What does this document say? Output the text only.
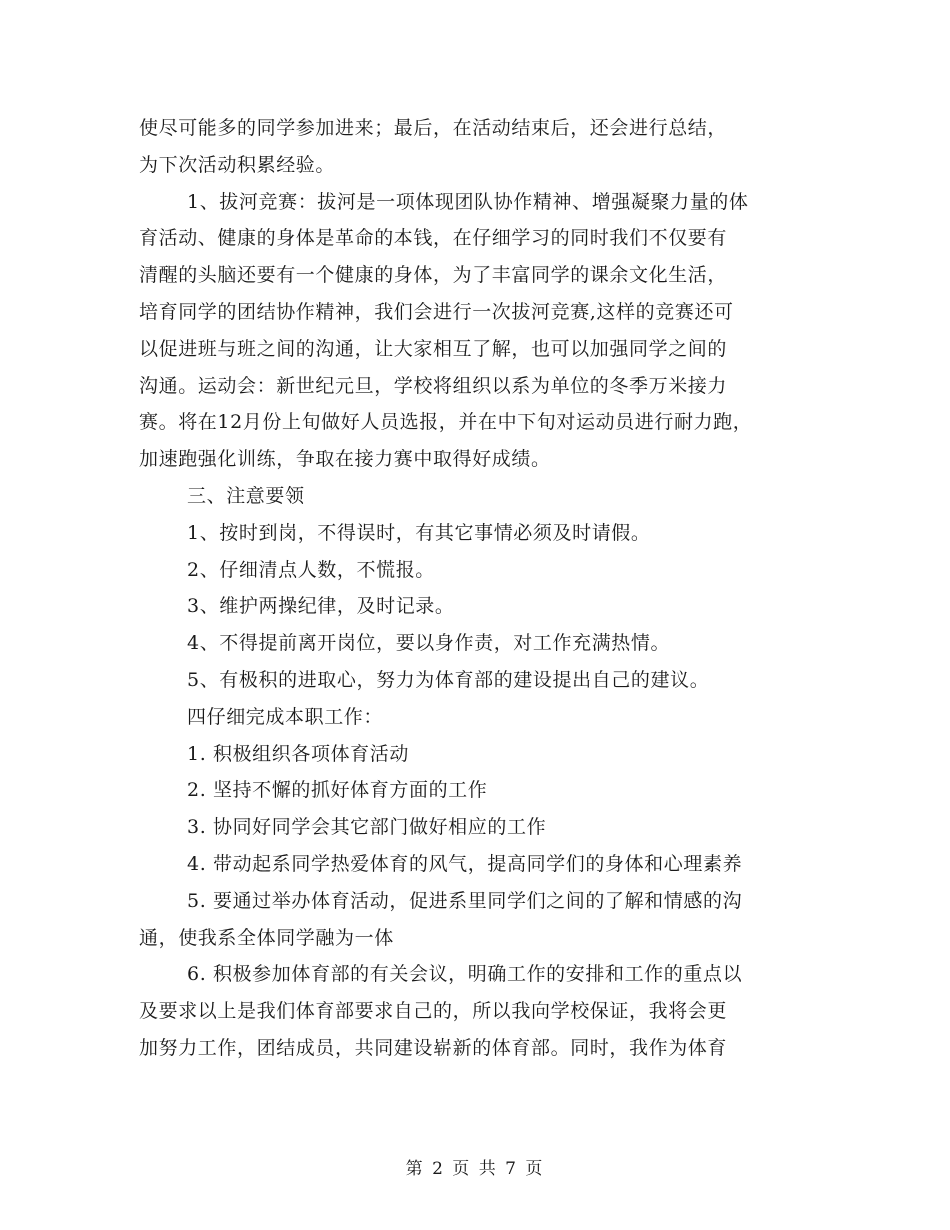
使尽可能多的同学参加进来；最后，在活动结束后，还会进行总结，
为下次活动积累经验。
1、拔河竞赛：拔河是一项体现团队协作精神、增强凝聚力量的体
育活动、健康的身体是革命的本钱，在仔细学习的同时我们不仅要有
清醒的头脑还要有一个健康的身体，为了丰富同学的课余文化生活，
培育同学的团结协作精神，我们会进行一次拔河竞赛,这样的竞赛还可
以促进班与班之间的沟通，让大家相互了解，也可以加强同学之间的
沟通。运动会：新世纪元旦，学校将组织以系为单位的冬季万米接力
赛。将在12月份上旬做好人员选报，并在中下旬对运动员进行耐力跑，
加速跑强化训练，争取在接力赛中取得好成绩。
三、注意要领
1、按时到岗，不得误时，有其它事情必须及时请假。
2、仔细清点人数，不慌报。
3、维护两操纪律，及时记录。
4、不得提前离开岗位，要以身作责，对工作充满热情。
5、有极积的进取心，努力为体育部的建设提出自己的建议。
四仔细完成本职工作：
1. 积极组织各项体育活动
2. 坚持不懈的抓好体育方面的工作
3. 协同好同学会其它部门做好相应的工作
4. 带动起系同学热爱体育的风气，提高同学们的身体和心理素养
5. 要通过举办体育活动，促进系里同学们之间的了解和情感的沟
通，使我系全体同学融为一体
6. 积极参加体育部的有关会议，明确工作的安排和工作的重点以
及要求以上是我们体育部要求自己的，所以我向学校保证，我将会更
加努力工作，团结成员，共同建设崭新的体育部。同时，我作为体育
第 2 页 共 7 页
